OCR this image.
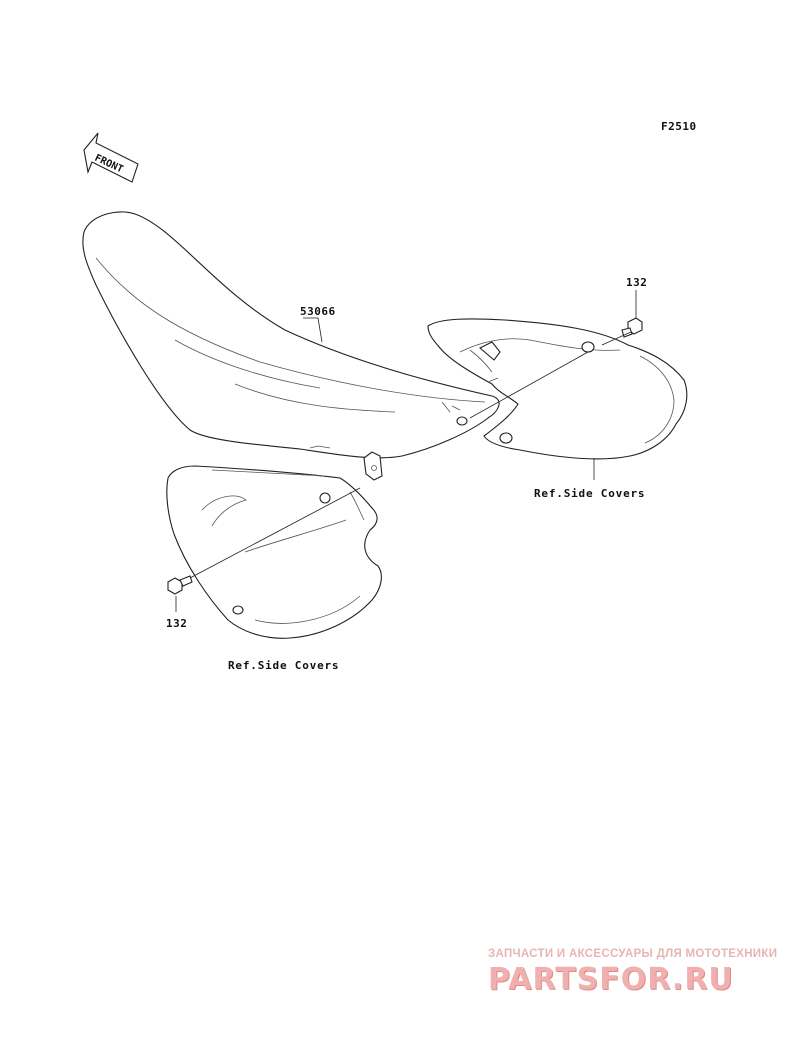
F2510
FRONT
53066
132
132
Ref.Side Covers
Ref.Side Covers
ЗАПЧАСТИ И АКСЕССУАРЫ ДЛЯ МОТОТЕХНИКИ
PARTSFOR.RU
